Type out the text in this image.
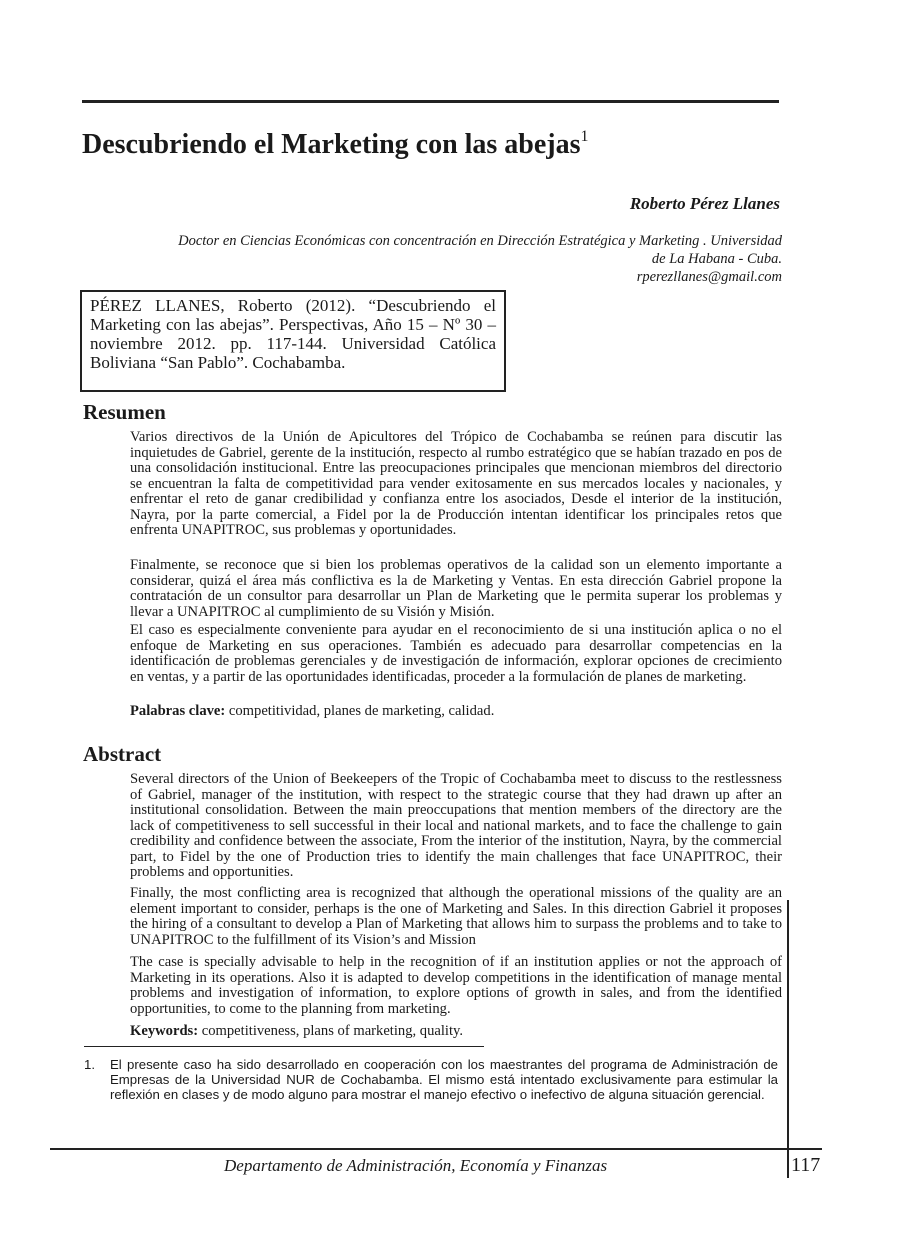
Descubriendo el Marketing con las abejas$^1$
Roberto Pérez Llanes
Doctor en Ciencias Económicas con concentración en Dirección Estratégica y Marketing . Universidad
de La Habana - Cuba.
rperezllanes@gmail.com
PÉREZ LLANES, Roberto (2012). “Descubriendo el Marketing con las abejas”. Perspectivas, Año 15 – Nº 30 – noviembre 2012. pp. 117-144. Universidad Católica Boliviana “San Pablo”. Cochabamba.
Resumen

Varios directivos de la Unión de Apicultores del Trópico de Cochabamba se reúnen para discutir las inquietudes de Gabriel, gerente de la institución, respecto al rumbo estratégico que se habían trazado en pos de una consolidación institucional. Entre las preocupaciones principales que mencionan miembros del directorio se encuentran la falta de competitividad para vender exitosamente en sus mercados locales y nacionales, y enfrentar el reto de ganar credibilidad y confianza entre los asociados, Desde el interior de la institución, Nayra, por la parte comercial, a Fidel por la de Producción intentan identificar los principales retos que enfrenta UNAPITROC, sus problemas y oportunidades.

Finalmente, se reconoce que si bien los problemas operativos de la calidad son un elemento importante a considerar, quizá el área más conflictiva es la de Marketing y Ventas. En esta dirección Gabriel propone la contratación de un consultor para desarrollar un Plan de Marketing que le permita superar los problemas y llevar a UNAPITROC al cumplimiento de su Visión y Misión.

El caso es especialmente conveniente para ayudar en el reconocimiento de si una institución aplica o no el enfoque de Marketing en sus operaciones. También es adecuado para desarrollar competencias en la identificación de problemas gerenciales y de investigación de información, explorar opciones de crecimiento en ventas, y a partir de las oportunidades identificadas, proceder a la formulación de planes de marketing.

Palabras clave: competitividad, planes de marketing, calidad.

Abstract

Several directors of the Union of Beekeepers of the Tropic of Cochabamba meet to discuss to the restlessness of Gabriel, manager of the institution, with respect to the strategic course that they had drawn up after an institutional consolidation. Between the main preoccupations that mention members of the directory are the lack of competitiveness to sell successful in their local and national markets, and to face the challenge to gain credibility and confidence between the associate, From the interior of the institution, Nayra, by the commercial part, to Fidel by the one of Production tries to identify the main challenges that face UNAPITROC, their problems and opportunities.

Finally, the most conflicting area is recognized that although the operational missions of the quality are an element important to consider, perhaps is the one of Marketing and Sales. In this direction Gabriel it proposes the hiring of a consultant to develop a Plan of Marketing that allows him to surpass the problems and to take to UNAPITROC to the fulfillment of its Vision’s and Mission

The case is specially advisable to help in the recognition of if an institution applies or not the approach of Marketing in its operations. Also it is adapted to develop competitions in the identification of manage mental problems and investigation of information, to explore options of growth in sales, and from the identified opportunities, to come to the planning from marketing.

Keywords: competitiveness, plans of marketing, quality.

1. El presente caso ha sido desarrollado en cooperación con los maestrantes del programa de Administración de Empresas de la Universidad NUR de Cochabamba. El mismo está intentado exclusivamente para estimular la reflexión en clases y de modo alguno para mostrar el manejo efectivo o inefectivo de alguna situación gerencial.
Departamento de Administración, Economía y Finanzas	117
